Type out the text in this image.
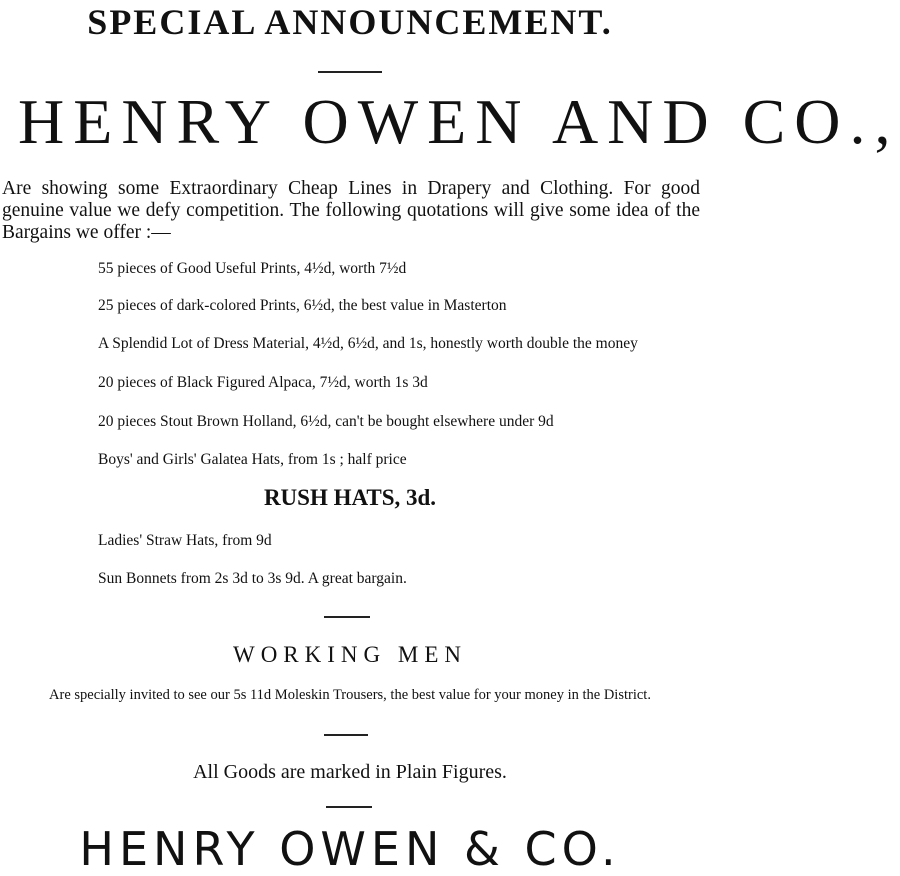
SPECIAL ANNOUNCEMENT.
HENRY OWEN AND CO.,
Are showing some Extraordinary Cheap Lines in Drapery and Clothing. For good genuine value we defy competition. The following quotations will give some idea of the Bargains we offer :—
55 pieces of Good Useful Prints, 4½d, worth 7½d
25 pieces of dark-colored Prints, 6½d, the best value in Masterton
A Splendid Lot of Dress Material, 4½d, 6½d, and 1s, honestly worth double the money
20 pieces of Black Figured Alpaca, 7½d, worth 1s 3d
20 pieces Stout Brown Holland, 6½d, can't be bought elsewhere under 9d
Boys' and Girls' Galatea Hats, from 1s ; half price
RUSH HATS, 3d.
Ladies' Straw Hats, from 9d
Sun Bonnets from 2s 3d to 3s 9d. A great bargain.
WORKING MEN
Are specially invited to see our 5s 11d Moleskin Trousers, the best value for your money in the District.
All Goods are marked in Plain Figures.
HENRY OWEN & CO.
